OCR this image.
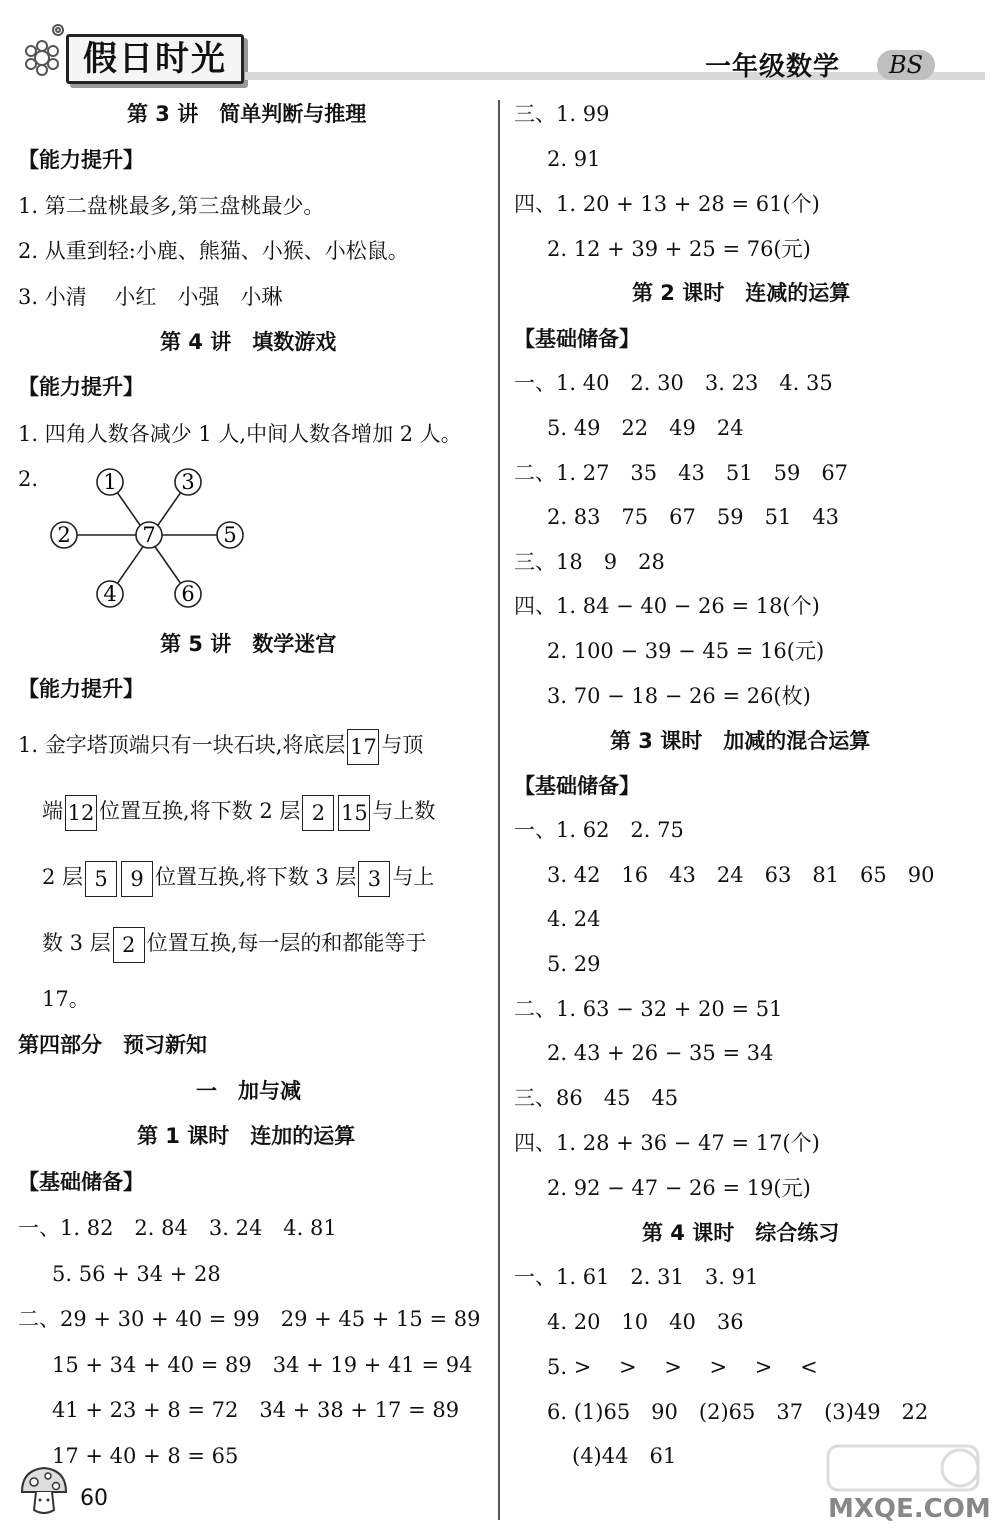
假日时光	一年级数学	BS
第 3 讲　简单判断与推理
【能力提升】
1. 第二盘桃最多,第三盘桃最少。
2. 从重到轻:小鹿、熊猫、小猴、小松鼠。
3. 小清　 小红　小强　小琳
第 4 讲　填数游戏
【能力提升】
1. 四角人数各减少 1 人,中间人数各增加 2 人。
2.
7
1	3
2	5
4	6
第 5 讲　数学迷宫
【能力提升】
1. 金字塔顶端只有一块石块,将底层 17 与顶
端 12 位置互换,将下数 2 层 2 15 与上数
2 层 5 9 位置互换,将下数 3 层 3 与上
数 3 层 2 位置互换,每一层的和都能等于
17。
第四部分　预习新知
一　加与减
第 1 课时　连加的运算
【基础储备】
一、1. 82　2. 84　3. 24　4. 81
5. 56 + 34 + 28
二、29 + 30 + 40 = 99　29 + 45 + 15 = 89
15 + 34 + 40 = 89　34 + 19 + 41 = 94
41 + 23 + 8 = 72　34 + 38 + 17 = 89
17 + 40 + 8 = 65
三、1. 99
2. 91
四、1. 20 + 13 + 28 = 61(个)
2. 12 + 39 + 25 = 76(元)
第 2 课时　连减的运算
【基础储备】
一、1. 40　2. 30　3. 23　4. 35
5. 49　22　49　24
二、1. 27　35　43　51　59　67
2. 83　75　67　59　51　43
三、18　9　28
四、1. 84 − 40 − 26 = 18(个)
2. 100 − 39 − 45 = 16(元)
3. 70 − 18 − 26 = 26(枚)
第 3 课时　加减的混合运算
【基础储备】
一、1. 62　2. 75
3. 42　16　43　24　63　81　65　90
4. 24
5. 29
二、1. 63 − 32 + 20 = 51
2. 43 + 26 − 35 = 34
三、86　45　45
四、1. 28 + 36 − 47 = 17(个)
2. 92 − 47 − 26 = 19(元)
第 4 课时　综合练习
一、1. 61　2. 31　3. 91
4. 20　10　40　36
5. >　 >　 >　 >　 >　 <
6. (1)65　90　(2)65　37　(3)49　22
(4)44　61
60	MXQE.COM
